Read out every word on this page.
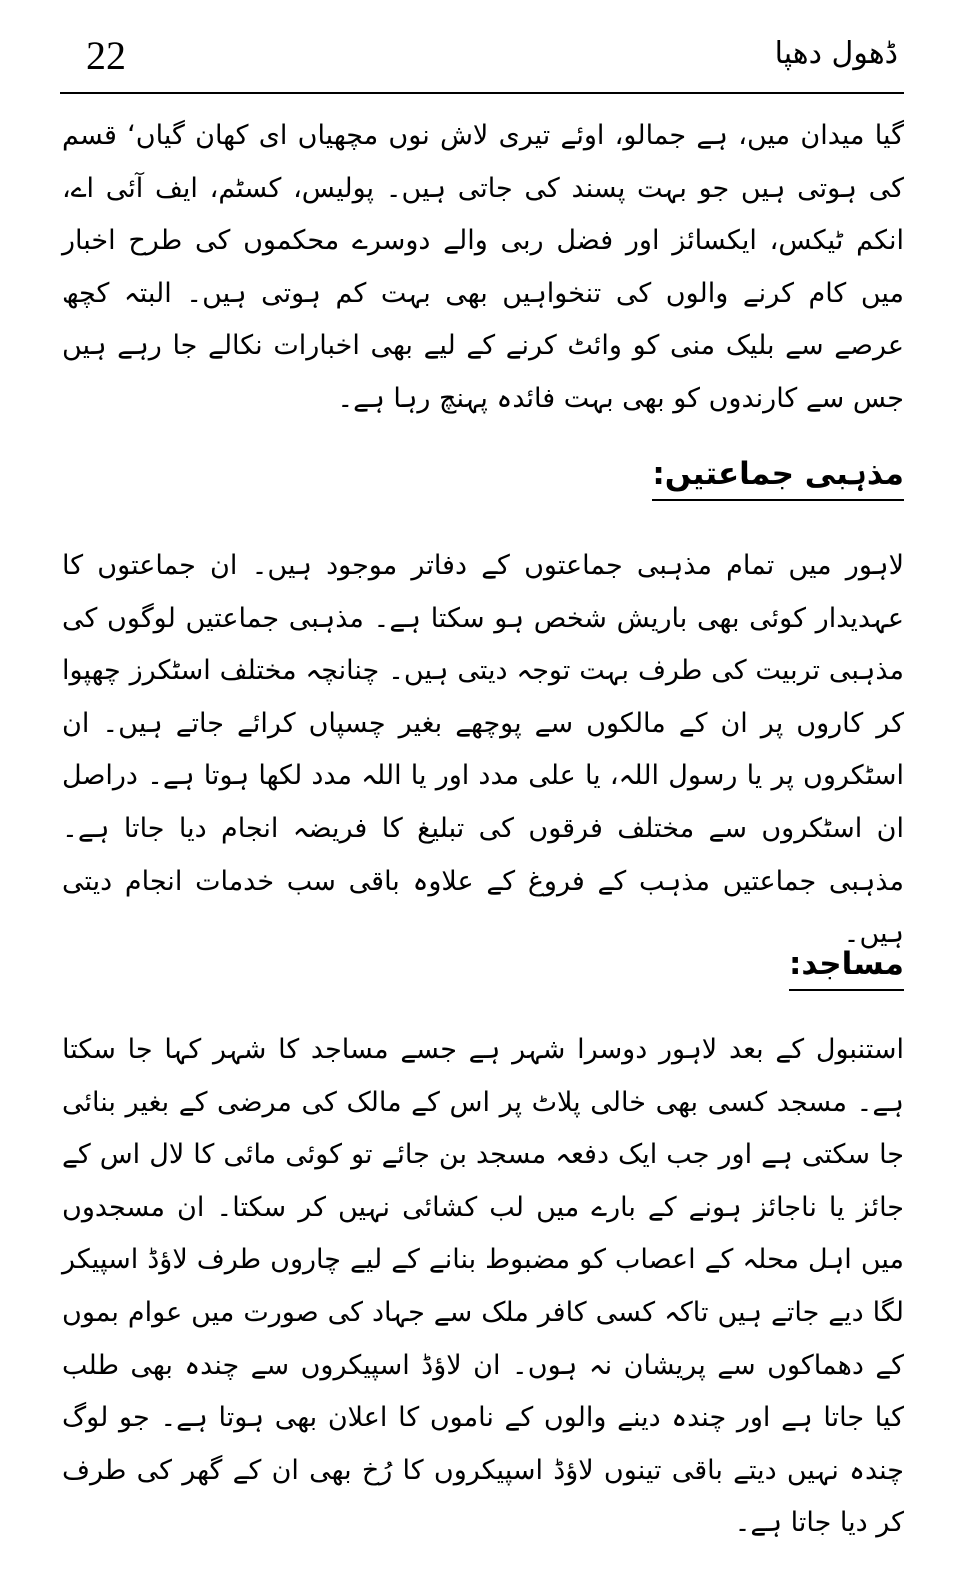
22	ڈھول دھپا

گیا میدان میں، ہے جمالو، اوئے تیری لاش نوں مچھیاں ای کھان گیاں‘ قسم کی ہوتی ہیں جو بہت پسند کی جاتی ہیں۔ پولیس، کسٹم، ایف آئی اے، انکم ٹیکس، ایکسائز اور فضل ربی والے دوسرے محکموں کی طرح اخبار میں کام کرنے والوں کی تنخواہیں بھی بہت کم ہوتی ہیں۔ البتہ کچھ عرصے سے بلیک منی کو وائٹ کرنے کے لیے بھی اخبارات نکالے جا رہے ہیں جس سے کارندوں کو بھی بہت فائدہ پہنچ رہا ہے۔

مذہبی جماعتیں:

لاہور میں تمام مذہبی جماعتوں کے دفاتر موجود ہیں۔ ان جماعتوں کا عہدیدار کوئی بھی باریش شخص ہو سکتا ہے۔ مذہبی جماعتیں لوگوں کی مذہبی تربیت کی طرف بہت توجہ دیتی ہیں۔ چنانچہ مختلف اسٹکرز چھپوا کر کاروں پر ان کے مالکوں سے پوچھے بغیر چسپاں کرائے جاتے ہیں۔ ان اسٹکروں پر یا رسول اللہ، یا علی مدد اور یا اللہ مدد لکھا ہوتا ہے۔ دراصل ان اسٹکروں سے مختلف فرقوں کی تبلیغ کا فریضہ انجام دیا جاتا ہے۔ مذہبی جماعتیں مذہب کے فروغ کے علاوہ باقی سب خدمات انجام دیتی ہیں۔

مساجد:

استنبول کے بعد لاہور دوسرا شہر ہے جسے مساجد کا شہر کہا جا سکتا ہے۔ مسجد کسی بھی خالی پلاٹ پر اس کے مالک کی مرضی کے بغیر بنائی جا سکتی ہے اور جب ایک دفعہ مسجد بن جائے تو کوئی مائی کا لال اس کے جائز یا ناجائز ہونے کے بارے میں لب کشائی نہیں کر سکتا۔ ان مسجدوں میں اہل محلہ کے اعصاب کو مضبوط بنانے کے لیے چاروں طرف لاؤڈ اسپیکر لگا دیے جاتے ہیں تاکہ کسی کافر ملک سے جہاد کی صورت میں عوام بموں کے دھماکوں سے پریشان نہ ہوں۔ ان لاؤڈ اسپیکروں سے چندہ بھی طلب کیا جاتا ہے اور چندہ دینے والوں کے ناموں کا اعلان بھی ہوتا ہے۔ جو لوگ چندہ نہیں دیتے باقی تینوں لاؤڈ اسپیکروں کا رُخ بھی ان کے گھر کی طرف کر دیا جاتا ہے۔
